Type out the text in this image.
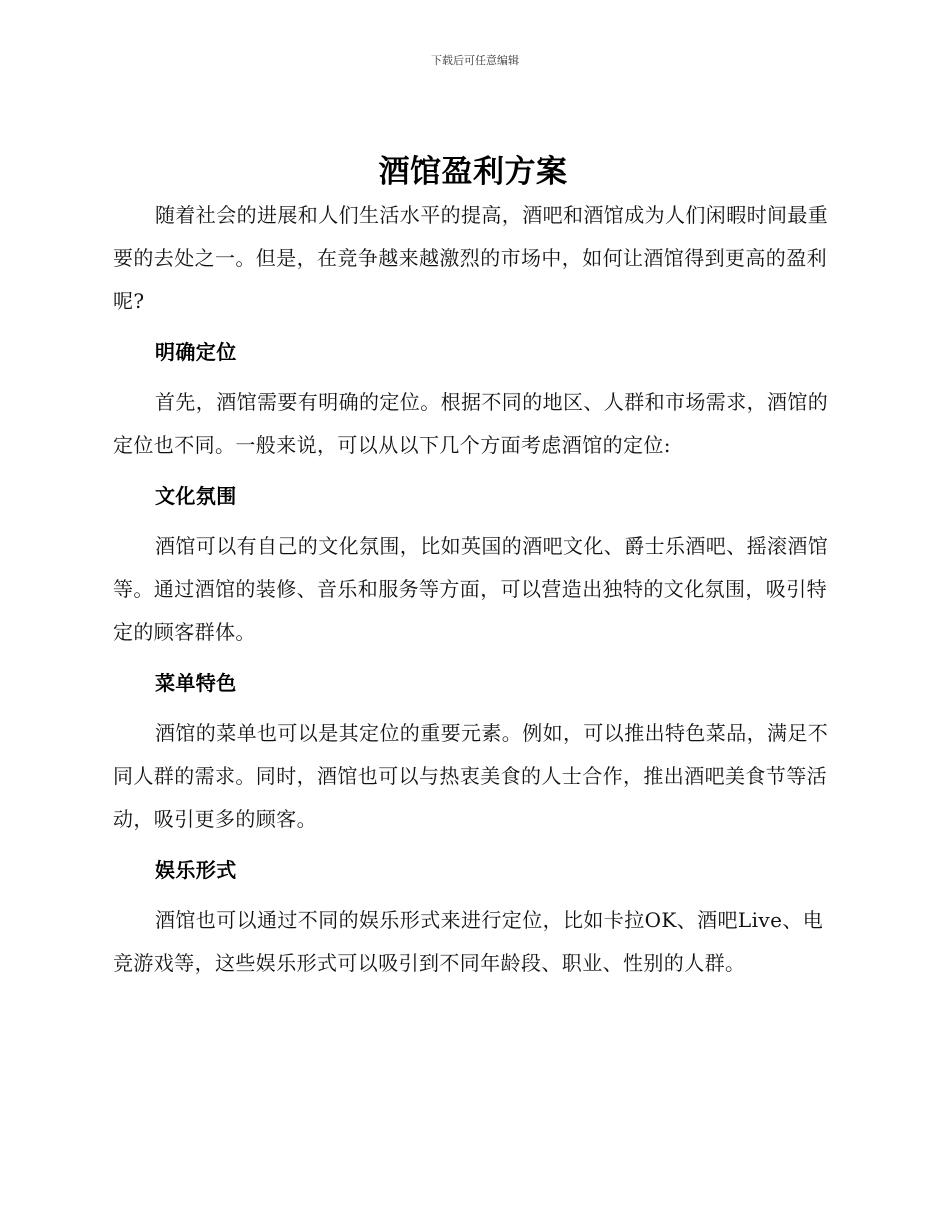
下载后可任意编辑
酒馆盈利方案

随着社会的进展和人们生活水平的提高，酒吧和酒馆成为人们闲暇时间最重要的去处之一。但是，在竞争越来越激烈的市场中，如何让酒馆得到更高的盈利呢?

明确定位

首先，酒馆需要有明确的定位。根据不同的地区、人群和市场需求，酒馆的定位也不同。一般来说，可以从以下几个方面考虑酒馆的定位:

文化氛围

酒馆可以有自己的文化氛围，比如英国的酒吧文化、爵士乐酒吧、摇滚酒馆等。通过酒馆的装修、音乐和服务等方面，可以营造出独特的文化氛围，吸引特定的顾客群体。

菜单特色

酒馆的菜单也可以是其定位的重要元素。例如，可以推出特色菜品，满足不同人群的需求。同时，酒馆也可以与热衷美食的人士合作，推出酒吧美食节等活动，吸引更多的顾客。

娱乐形式

酒馆也可以通过不同的娱乐形式来进行定位，比如卡拉OK、酒吧Live、电竞游戏等，这些娱乐形式可以吸引到不同年龄段、职业、性别的人群。
